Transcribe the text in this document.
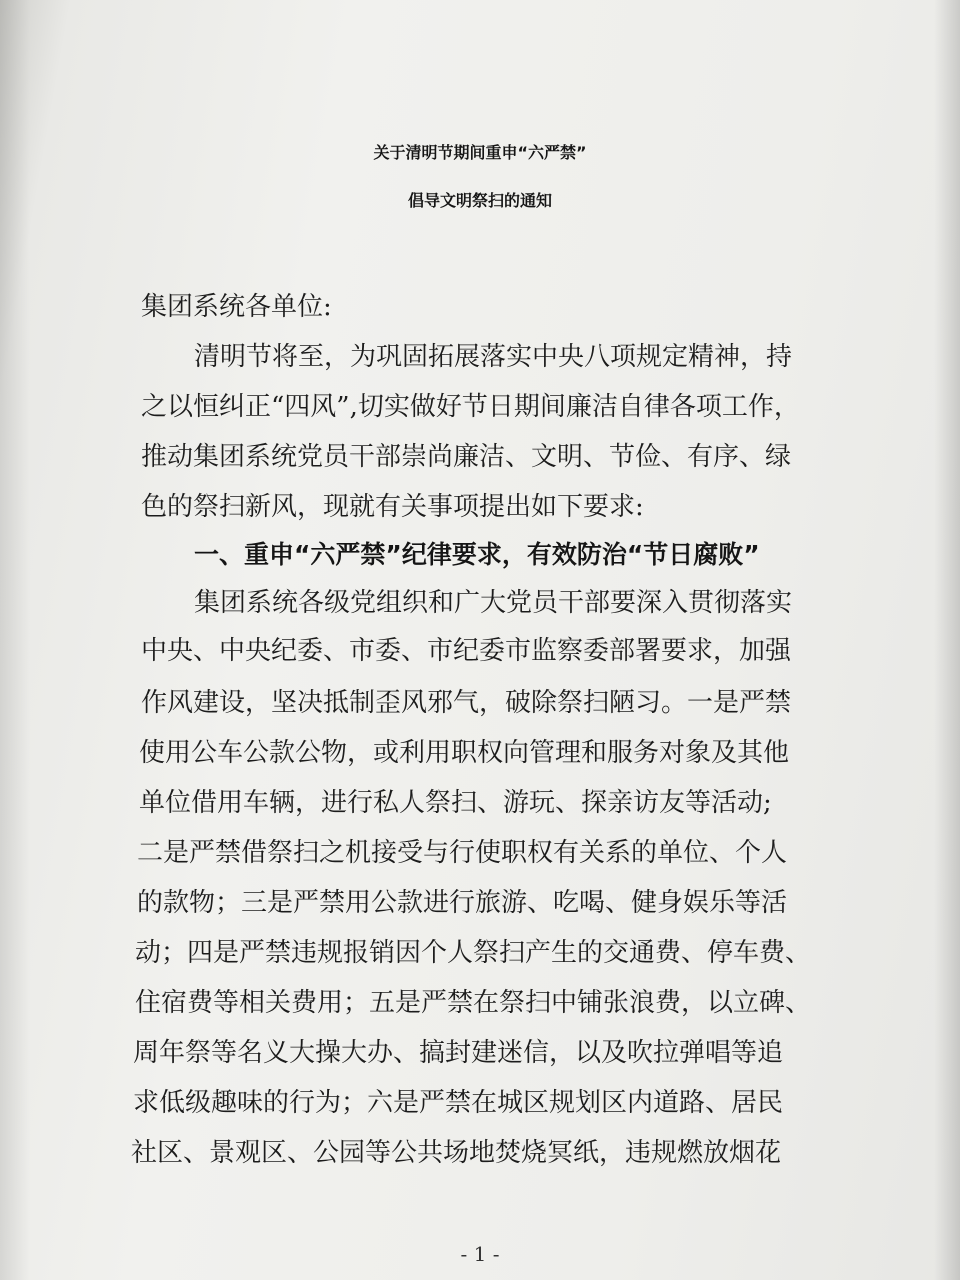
关于清明节期间重申“六严禁”
倡导文明祭扫的通知

集团系统各单位:

清明节将至，为巩固拓展落实中央八项规定精神，持

之以恒纠正“四风”,切实做好节日期间廉洁自律各项工作，

推动集团系统党员干部崇尚廉洁、文明、节俭、有序、绿

色的祭扫新风，现就有关事项提出如下要求:

一、重申“六严禁”纪律要求，有效防治“节日腐败”

集团系统各级党组织和广大党员干部要深入贯彻落实

中央、中央纪委、市委、市纪委市监察委部署要求，加强

作风建设，坚决抵制歪风邪气，破除祭扫陋习。一是严禁

使用公车公款公物，或利用职权向管理和服务对象及其他

单位借用车辆，进行私人祭扫、游玩、探亲访友等活动;

二是严禁借祭扫之机接受与行使职权有关系的单位、个人

的款物；三是严禁用公款进行旅游、吃喝、健身娱乐等活

动；四是严禁违规报销因个人祭扫产生的交通费、停车费、

住宿费等相关费用；五是严禁在祭扫中铺张浪费，以立碑、

周年祭等名义大操大办、搞封建迷信，以及吹拉弹唱等追

求低级趣味的行为；六是严禁在城区规划区内道路、居民

社区、景观区、公园等公共场地焚烧冥纸，违规燃放烟花

- 1 -
